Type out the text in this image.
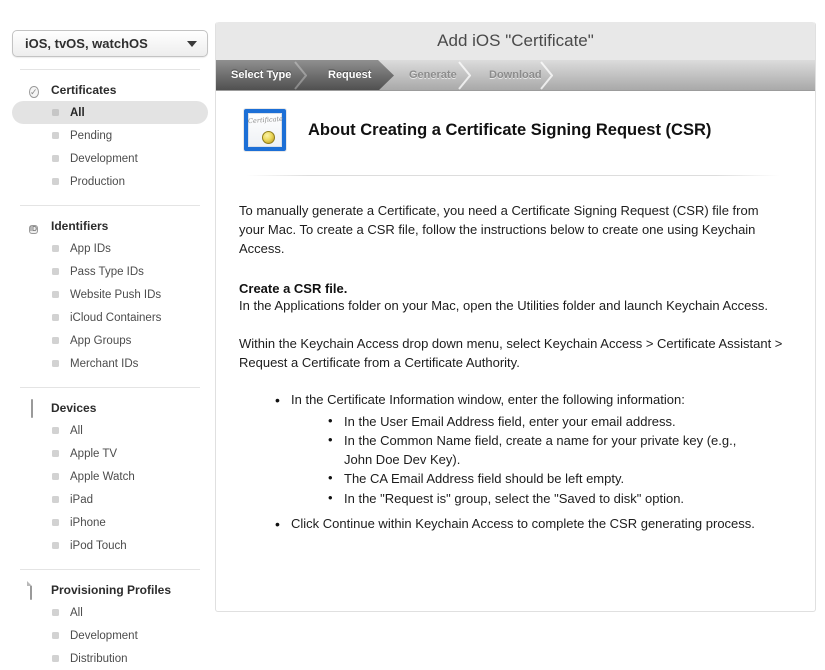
iOS, tvOS, watchOS
✓	Certificates
All
Pending
Development
Production
ID	Identifiers
App IDs
Pass Type IDs
Website Push IDs
iCloud Containers
App Groups
Merchant IDs
Devices
All
Apple TV
Apple Watch
iPad
iPhone
iPod Touch
Provisioning Profiles
All
Development
Distribution
Add iOS "Certificate"
Select Type	Request	Generate	Download
Certificate
About Creating a Certificate Signing Request (CSR)

To manually generate a Certificate, you need a Certificate Signing Request (CSR) file from your Mac. To create a CSR file, follow the instructions below to create one using Keychain Access.

Create a CSR file.

In the Applications folder on your Mac, open the Utilities folder and launch Keychain Access.

Within the Keychain Access drop down menu, select Keychain Access > Certificate Assistant > Request a Certificate from a Certificate Authority.

• In the Certificate Information window, enter the following information:
• In the User Email Address field, enter your email address.
• In the Common Name field, create a name for your private key (e.g., John Doe Dev Key).
• The CA Email Address field should be left empty.
• In the "Request is" group, select the "Saved to disk" option.
• Click Continue within Keychain Access to complete the CSR generating process.
